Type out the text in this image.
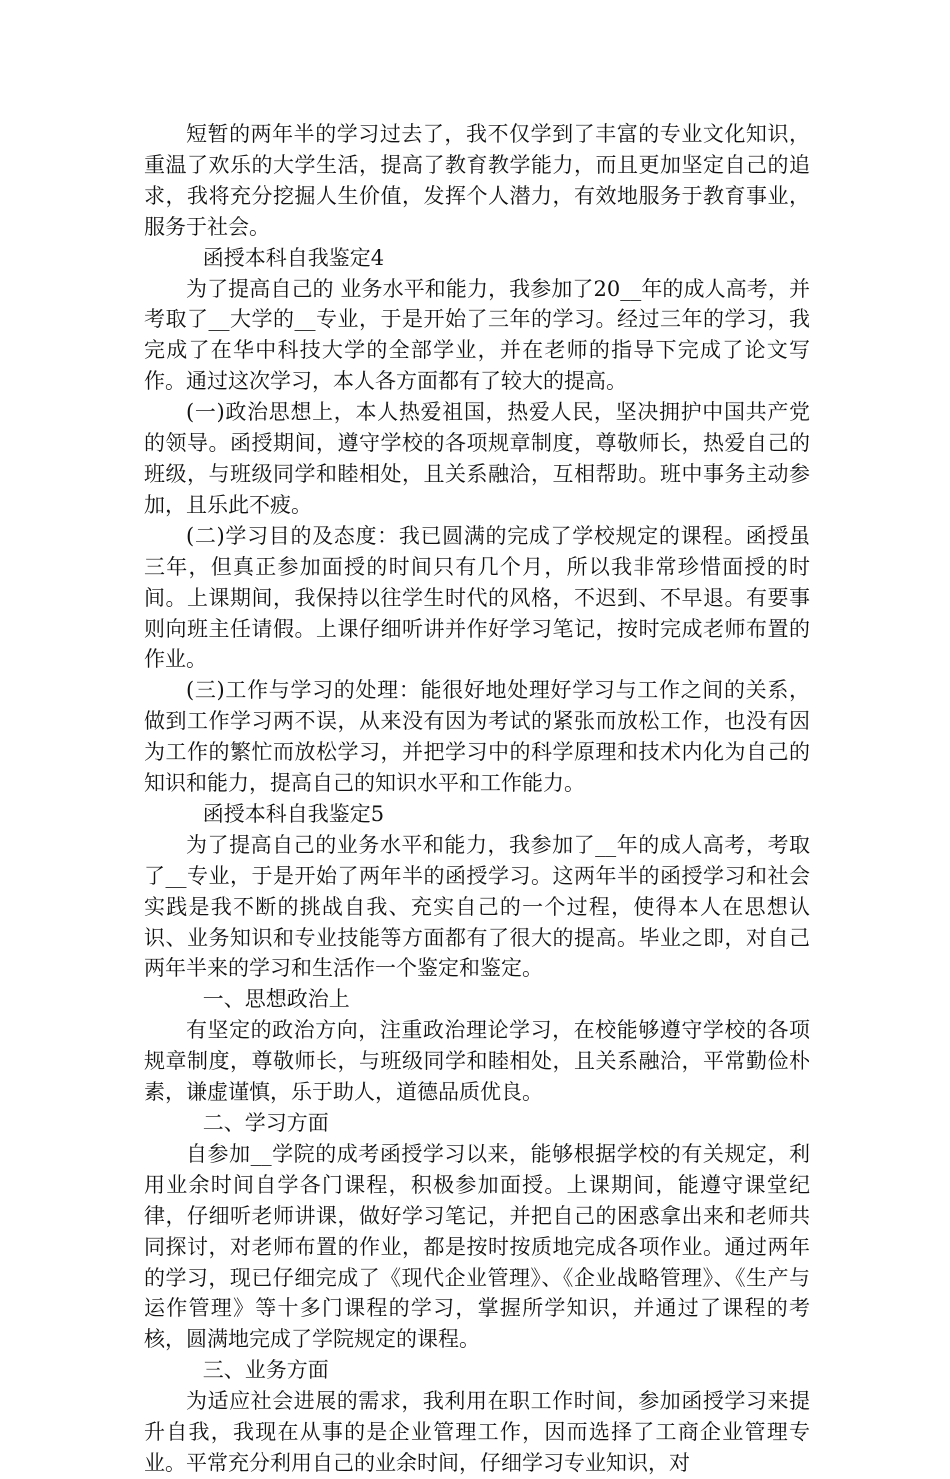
短暂的两年半的学习过去了，我不仅学到了丰富的专业文化知识，重温了欢乐的大学生活，提高了教育教学能力，而且更加坚定自己的追求，我将充分挖掘人生价值，发挥个人潜力，有效地服务于教育事业，服务于社会。

函授本科自我鉴定4

为了提高自己的 业务水平和能力，我参加了20__年的成人高考，并考取了__大学的__专业，于是开始了三年的学习。经过三年的学习，我完成了在华中科技大学的全部学业，并在老师的指导下完成了论文写作。通过这次学习，本人各方面都有了较大的提高。

(一)政治思想上，本人热爱祖国，热爱人民，坚决拥护中国共产党的领导。函授期间，遵守学校的各项规章制度，尊敬师长，热爱自己的班级，与班级同学和睦相处，且关系融洽，互相帮助。班中事务主动参加，且乐此不疲。

(二)学习目的及态度：我已圆满的完成了学校规定的课程。函授虽三年，但真正参加面授的时间只有几个月，所以我非常珍惜面授的时间。上课期间，我保持以往学生时代的风格，不迟到、不早退。有要事则向班主任请假。上课仔细听讲并作好学习笔记，按时完成老师布置的作业。

(三)工作与学习的处理：能很好地处理好学习与工作之间的关系，做到工作学习两不误，从来没有因为考试的紧张而放松工作，也没有因为工作的繁忙而放松学习，并把学习中的科学原理和技术内化为自己的知识和能力，提高自己的知识水平和工作能力。

函授本科自我鉴定5

为了提高自己的业务水平和能力，我参加了__年的成人高考，考取了__专业，于是开始了两年半的函授学习。这两年半的函授学习和社会实践是我不断的挑战自我、充实自己的一个过程，使得本人在思想认识、业务知识和专业技能等方面都有了很大的提高。毕业之即，对自己两年半来的学习和生活作一个鉴定和鉴定。

一、思想政治上

有坚定的政治方向，注重政治理论学习，在校能够遵守学校的各项规章制度，尊敬师长，与班级同学和睦相处，且关系融洽，平常勤俭朴素，谦虚谨慎，乐于助人，道德品质优良。

二、学习方面

自参加__学院的成考函授学习以来，能够根据学校的有关规定，利用业余时间自学各门课程，积极参加面授。上课期间，能遵守课堂纪律，仔细听老师讲课，做好学习笔记，并把自己的困惑拿出来和老师共同探讨，对老师布置的作业，都是按时按质地完成各项作业。通过两年的学习，现已仔细完成了《现代企业管理》、《企业战略管理》、《生产与运作管理》等十多门课程的学习，掌握所学知识，并通过了课程的考核，圆满地完成了学院规定的课程。

三、业务方面

为适应社会进展的需求，我利用在职工作时间，参加函授学习来提升自我，我现在从事的是企业管理工作，因而选择了工商企业管理专业。平常充分利用自己的业余时间，仔细学习专业知识，对
